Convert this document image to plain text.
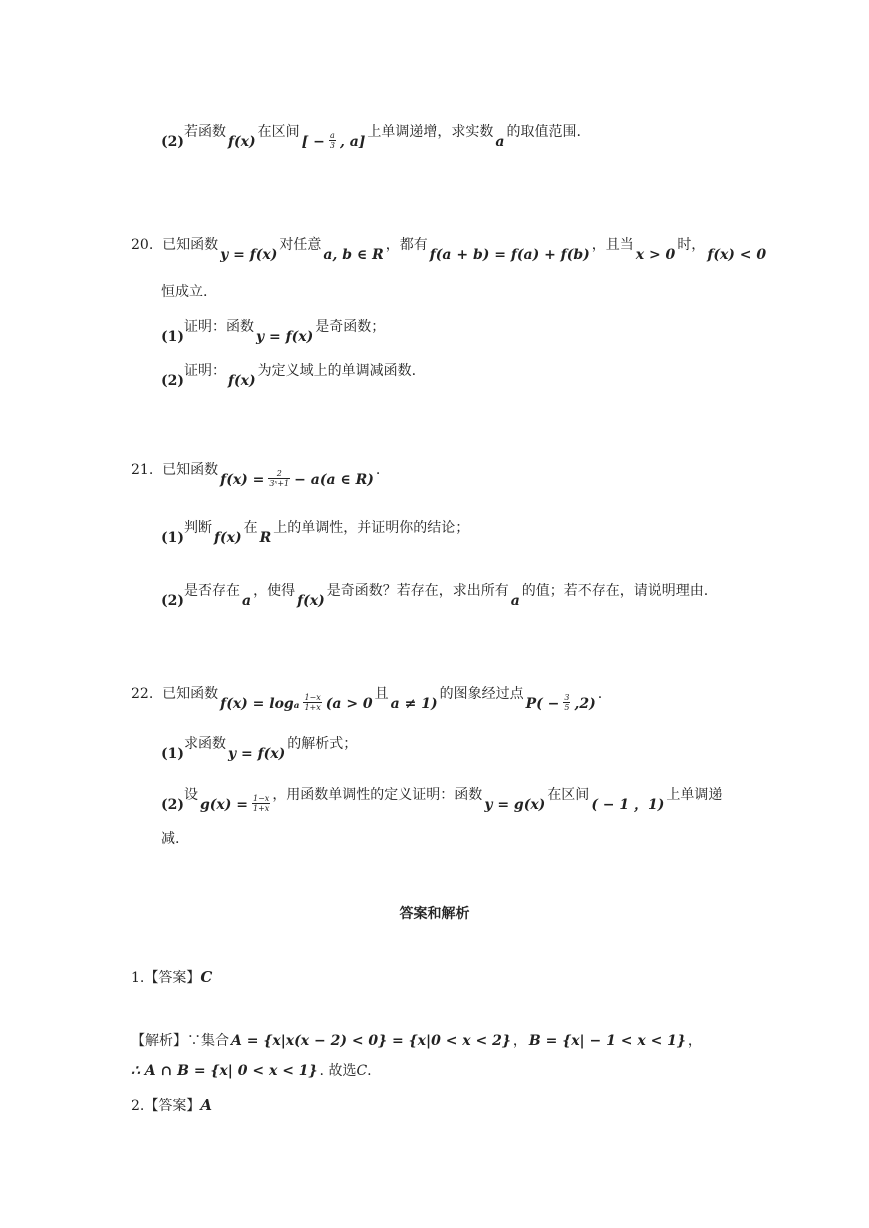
(2)若函数f(x)在区间[ − $\frac{a}{3}$ , a]上单调递增，求实数a的取值范围.
20. 已知函数y = f(x)对任意a, b ∈ R，都有f(a + b) = f(a) + f(b)，且当x > 0时，f(x) < 0
恒成立.
(1)证明：函数y = f(x)是奇函数；
(2)证明：f(x)为定义域上的单调减函数.
21. 已知函数$f(x) = \frac{2}{\text{3ˣ+1}} - a(a$ ∈ R).
(1)判断f(x)在R上的单调性，并证明你的结论；
(2)是否存在a，使得f(x)是奇函数？若存在，求出所有a的值；若不存在，请说明理由.
22. 已知函数f(x) = logₐ $\frac{1-x}{1+x} (a > 0$且a ≠ 1)的图象经过点$P( - \frac{3}{5} ,2)$.
(1)求函数y = f(x)的解析式；
(2)设$g(x) = \frac{1-x}{1+x}$ ，用函数单调性的定义证明：函数y = g(x)在区间( − 1 ，1)上单调递
减.
答案和解析
1.【答案】C
【解析】∵集合 A = {x|x(x − 2) < 0} = {x|0 < x < 2} ， B = {x| − 1 < x < 1} ，
∴ A ∩ B = {x| 0 < x < 1} . 故选C.
2.【答案】A
